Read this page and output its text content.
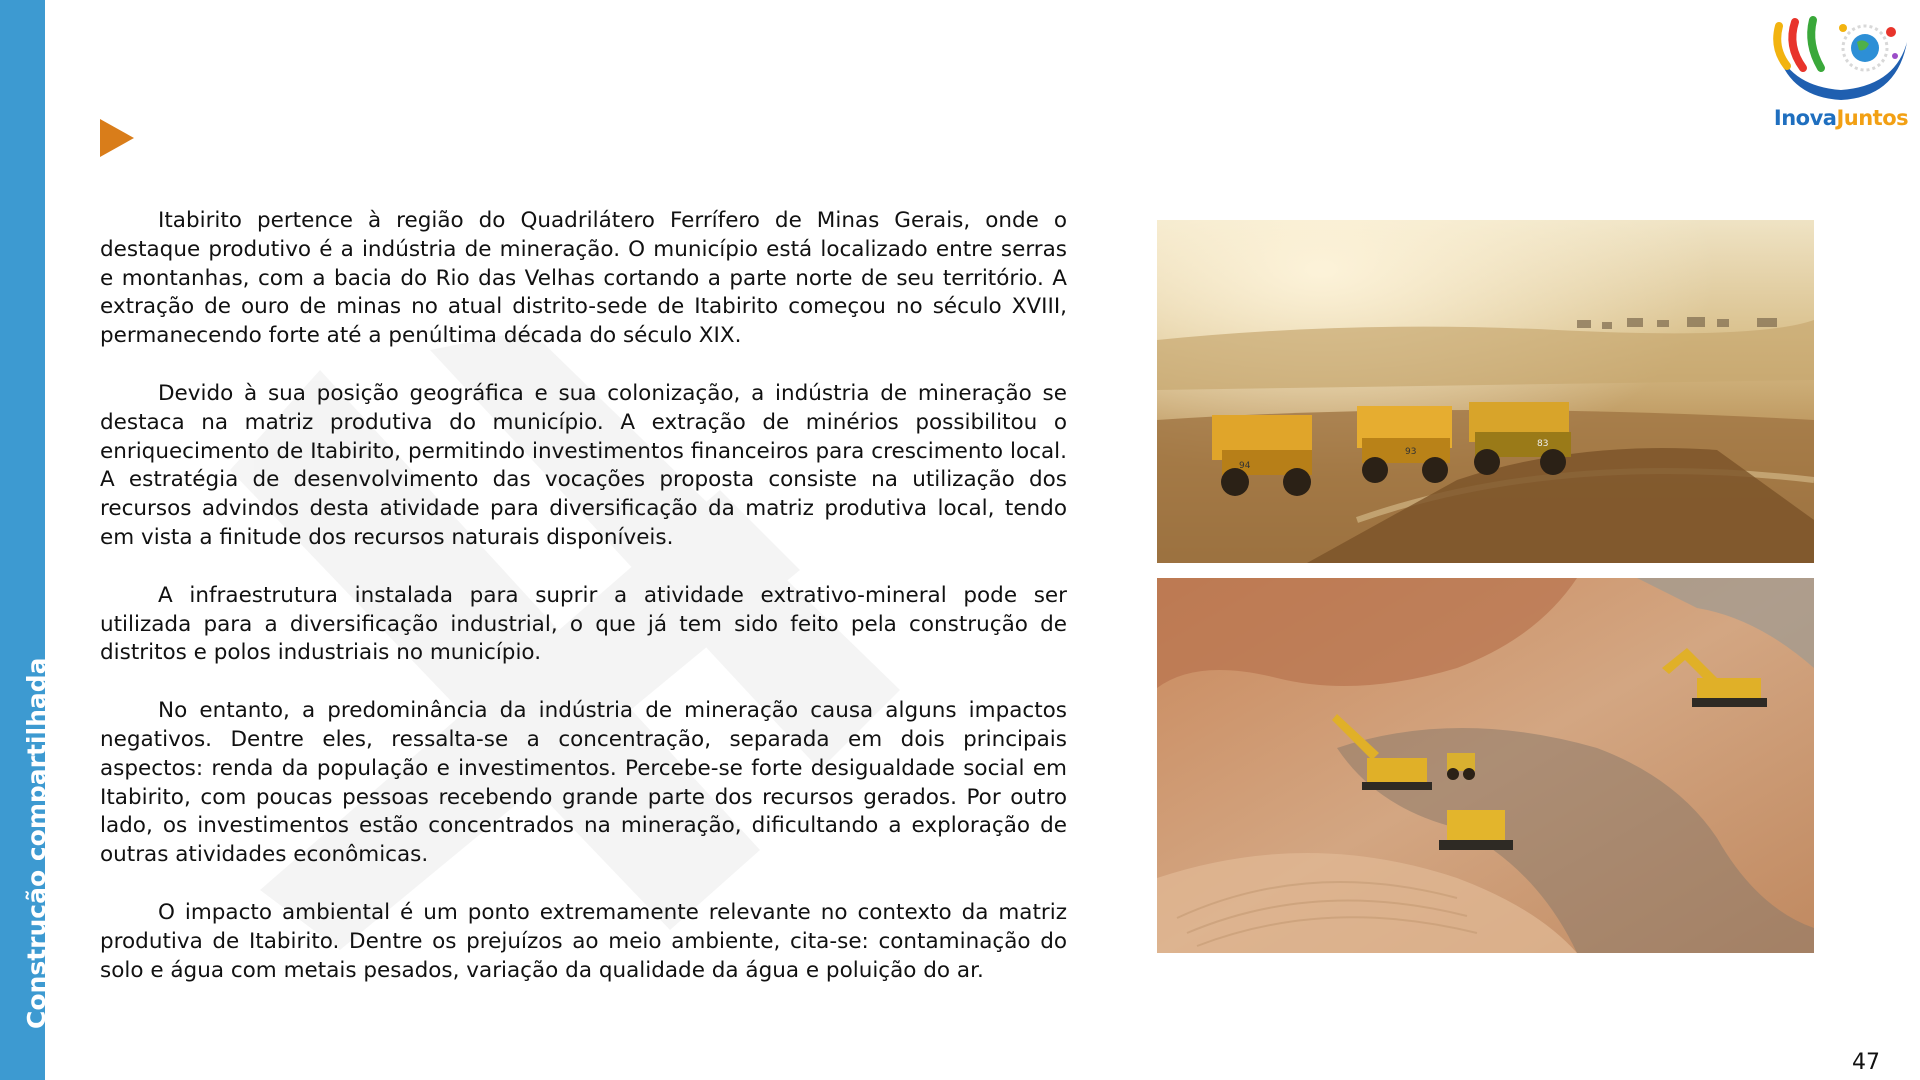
Construção compartilhada
InovaJuntos

Itabirito pertence à região do Quadrilátero Ferrífero de Minas Gerais, onde o destaque produtivo é a indústria de mineração. O município está localizado entre serras e montanhas, com a bacia do Rio das Velhas cortando a parte norte de seu território. A extração de ouro de minas no atual distrito-sede de Itabirito começou no século XVIII, permanecendo forte até a penúltima década do século XIX.

Devido à sua posição geográfica e sua colonização, a indústria de mineração se destaca na matriz produtiva do município. A extração de minérios possibilitou o enriquecimento de Itabirito, permitindo investimentos financeiros para crescimento local. A estratégia de desenvolvimento das vocações proposta consiste na utilização dos recursos advindos desta atividade para diversificação da matriz produtiva local, tendo em vista a finitude dos recursos naturais disponíveis.

A infraestrutura instalada para suprir a atividade extrativo-mineral pode ser utilizada para a diversificação industrial, o que já tem sido feito pela construção de distritos e polos industriais no município.

No entanto, a predominância da indústria de mineração causa alguns impactos negativos. Dentre eles, ressalta-se a concentração, separada em dois principais aspectos: renda da população e investimentos. Percebe-se forte desigualdade social em Itabirito, com poucas pessoas recebendo grande parte dos recursos gerados. Por outro lado, os investimentos estão concentrados na mineração, dificultando a exploração de outras atividades econômicas.

O impacto ambiental é um ponto extremamente relevante no contexto da matriz produtiva de Itabirito. Dentre os prejuízos ao meio ambiente, cita-se: contaminação do solo e água com metais pesados, variação da qualidade da água e poluição do ar.

94
93
83
47
